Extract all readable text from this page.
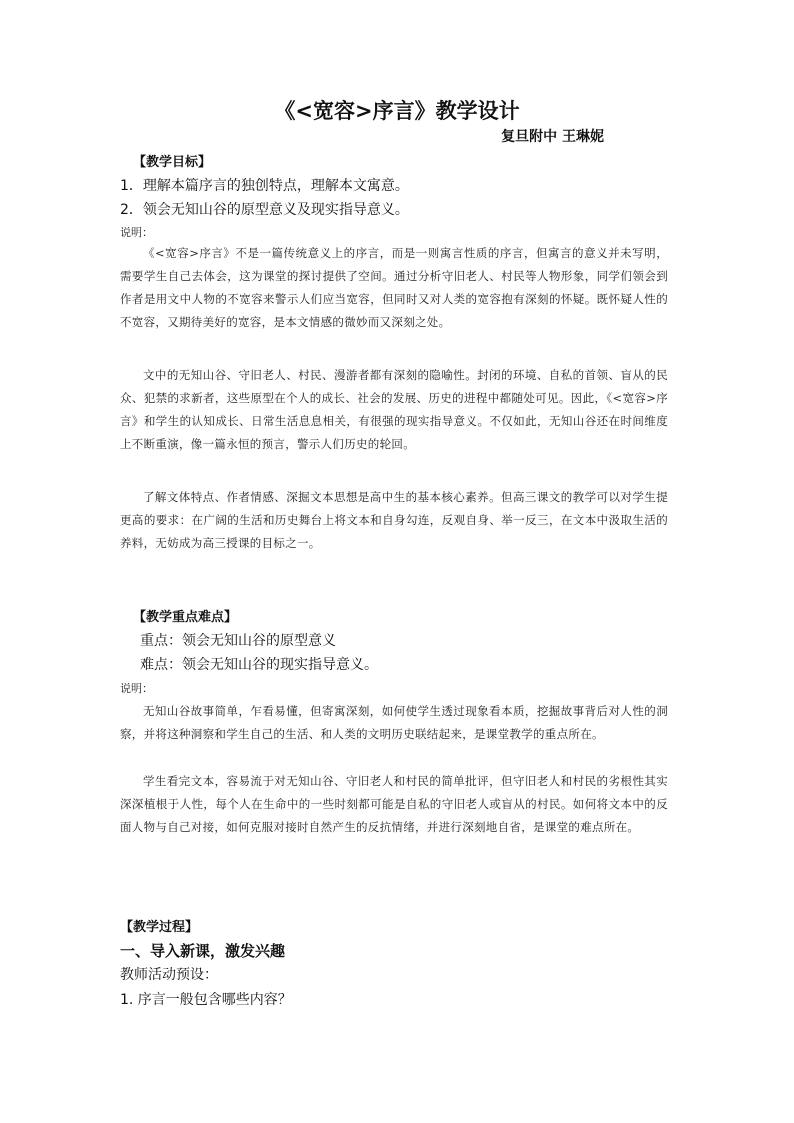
《<宽容>序言》教学设计
复旦附中 王琳妮
【教学目标】
1．理解本篇序言的独创特点，理解本文寓意。
2．领会无知山谷的原型意义及现实指导意义。
说明：
《<宽容>序言》不是一篇传统意义上的序言，而是一则寓言性质的序言，但寓言的意义并未写明，需要学生自己去体会，这为课堂的探讨提供了空间。通过分析守旧老人、村民等人物形象，同学们领会到作者是用文中人物的不宽容来警示人们应当宽容，但同时又对人类的宽容抱有深刻的怀疑。既怀疑人性的不宽容，又期待美好的宽容，是本文情感的微妙而又深刻之处。
文中的无知山谷、守旧老人、村民、漫游者都有深刻的隐喻性。封闭的环境、自私的首领、盲从的民众、犯禁的求新者，这些原型在个人的成长、社会的发展、历史的进程中都随处可见。因此，《<宽容>序言》和学生的认知成长、日常生活息息相关，有很强的现实指导意义。不仅如此，无知山谷还在时间维度上不断重演，像一篇永恒的预言，警示人们历史的轮回。
了解文体特点、作者情感、深掘文本思想是高中生的基本核心素养。但高三课文的教学可以对学生提更高的要求：在广阔的生活和历史舞台上将文本和自身勾连，反观自身、举一反三，在文本中汲取生活的养料，无妨成为高三授课的目标之一。
【教学重点难点】
重点：领会无知山谷的原型意义
难点：领会无知山谷的现实指导意义。
说明：
无知山谷故事简单，乍看易懂，但寄寓深刻，如何使学生透过现象看本质，挖掘故事背后对人性的洞察，并将这种洞察和学生自己的生活、和人类的文明历史联结起来，是课堂教学的重点所在。
学生看完文本，容易流于对无知山谷、守旧老人和村民的简单批评，但守旧老人和村民的劣根性其实深深植根于人性，每个人在生命中的一些时刻都可能是自私的守旧老人或盲从的村民。如何将文本中的反面人物与自己对接，如何克服对接时自然产生的反抗情绪，并进行深刻地自省，是课堂的难点所在。
【教学过程】
一、导入新课，激发兴趣
教师活动预设：
1. 序言一般包含哪些内容？
